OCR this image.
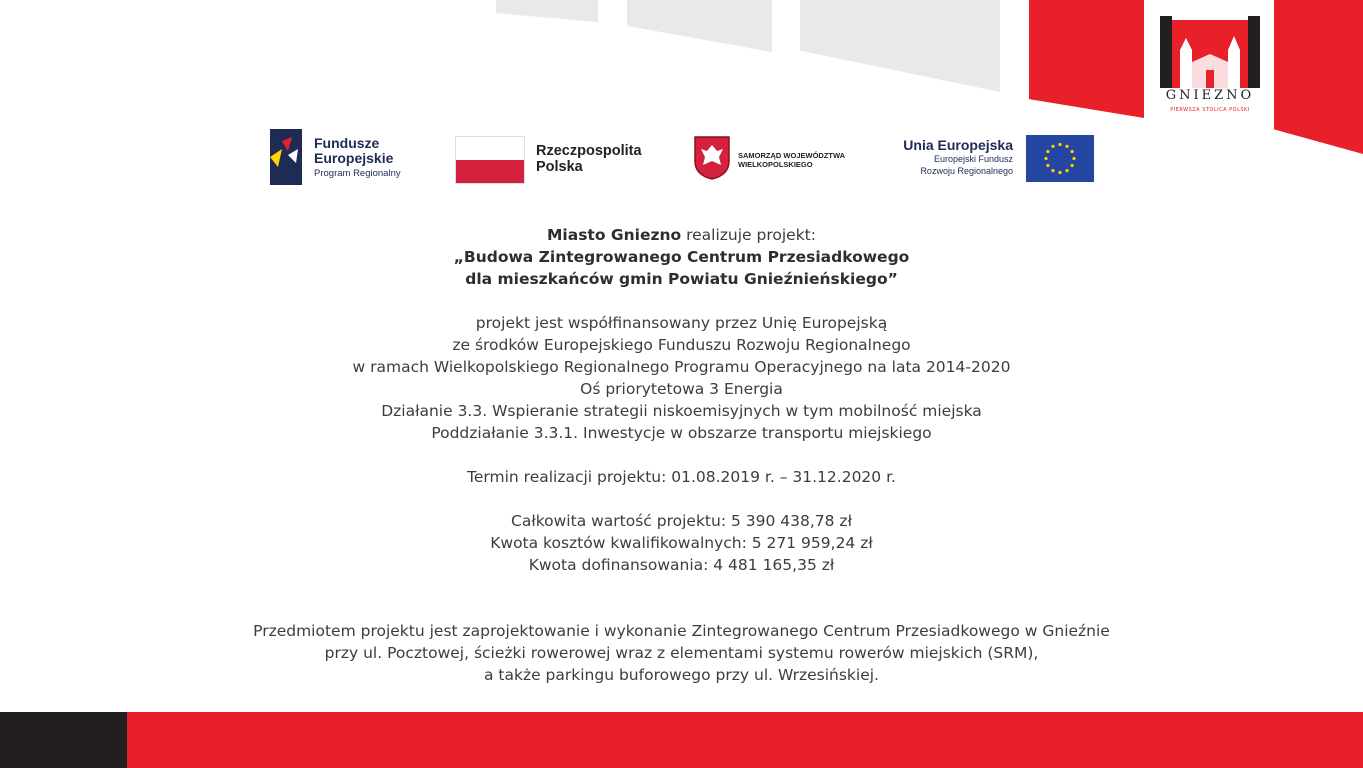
GNIEZNO
PIERWSZA STOLICA POLSKI
Fundusze
Europejskie
Program Regionalny
Rzeczpospolita
Polska
SAMORZĄD WOJEWÓDZTWA
WIELKOPOLSKIEGO
Unia Europejska
Europejski Fundusz
Rozwoju Regionalnego

Miasto Gniezno realizuje projekt:

„Budowa Zintegrowanego Centrum Przesiadkowego

dla mieszkańców gmin Powiatu Gnieźnieńskiego”

projekt jest współfinansowany przez Unię Europejską

ze środków Europejskiego Funduszu Rozwoju Regionalnego

w ramach Wielkopolskiego Regionalnego Programu Operacyjnego na lata 2014-2020

Oś priorytetowa 3 Energia

Działanie 3.3. Wspieranie strategii niskoemisyjnych w tym mobilność miejska

Poddziałanie 3.3.1. Inwestycje w obszarze transportu miejskiego

Termin realizacji projektu: 01.08.2019 r. – 31.12.2020 r.

Całkowita wartość projektu: 5 390 438,78 zł

Kwota kosztów kwalifikowalnych: 5 271 959,24 zł

Kwota dofinansowania: 4 481 165,35 zł

Przedmiotem projektu jest zaprojektowanie i wykonanie Zintegrowanego Centrum Przesiadkowego w Gnieźnie

przy ul. Pocztowej, ścieżki rowerowej wraz z elementami systemu rowerów miejskich (SRM),

a także parkingu buforowego przy ul. Wrzesińskiej.
